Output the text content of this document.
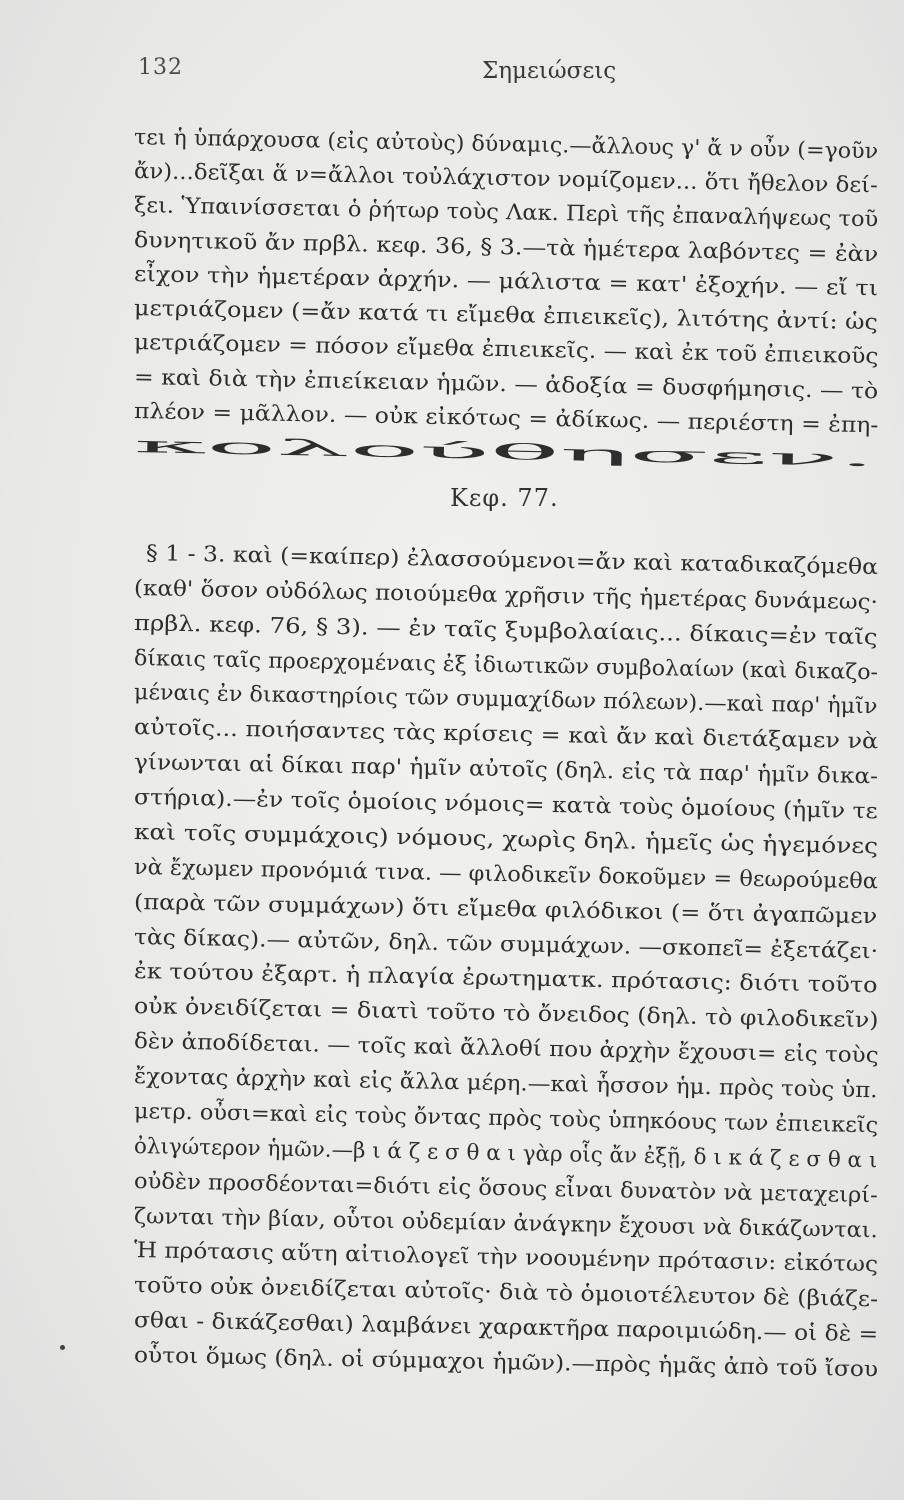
132	Σημειώσεις
τει ἡ ὑπάρχουσα (εἰς αὐτοὺς) δύναμις.—ἄλλους γ' ἄ ν οὖν (=γοῦν
ἄν)...δεῖξαι ἅ ν=ἄλλοι τοὐλάχιστον νομίζομεν... ὅτι ἤθελον δεί-
ξει. Ὑπαινίσσεται ὁ ῥήτωρ τοὺς Λακ. Περὶ τῆς ἐπαναλήψεως τοῦ
δυνητικοῦ ἄν πρβλ. κεφ. 36, § 3.—τὰ ἡμέτερα λαβόντες = ἐὰν
εἶχον τὴν ἡμετέραν ἀρχήν. — μάλιστα = κατ' ἐξοχήν. — εἴ τι
μετριάζομεν (=ἄν κατά τι εἴμεθα ἐπιεικεῖς), λιτότης ἀντί: ὡς
μετριάζομεν = πόσον εἴμεθα ἐπιεικεῖς. — καὶ ἐκ τοῦ ἐπιεικοῦς
= καὶ διὰ τὴν ἐπιείκειαν ἡμῶν. — ἀδοξία = δυσφήμησις. — τὸ
πλέον = μᾶλλον. — οὐκ εἰκότως = ἀδίκως. — περιέστη = ἐπη-
κολούθησεν.
Κεφ. 77.
§ 1 - 3. καὶ (=καίπερ) ἐλασσούμενοι=ἄν καὶ καταδικαζόμεθα
(καθ' ὅσον οὐδόλως ποιούμεθα χρῆσιν τῆς ἡμετέρας δυνάμεως·
πρβλ. κεφ. 76, § 3). — ἐν ταῖς ξυμβολαίαις... δίκαις=ἐν ταῖς
δίκαις ταῖς προερχομέναις ἐξ ἰδιωτικῶν συμβολαίων (καὶ δικαζο-
μέναις ἐν δικαστηρίοις τῶν συμμαχίδων πόλεων).—καὶ παρ' ἡμῖν
αὐτοῖς... ποιήσαντες τὰς κρίσεις = καὶ ἄν καὶ διετάξαμεν νὰ
γίνωνται αἱ δίκαι παρ' ἡμῖν αὐτοῖς (δηλ. εἰς τὰ παρ' ἡμῖν δικα-
στήρια).—ἐν τοῖς ὁμοίοις νόμοις= κατὰ τοὺς ὁμοίους (ἡμῖν τε
καὶ τοῖς συμμάχοις) νόμους, χωρὶς δηλ. ἡμεῖς ὡς ἡγεμόνες
νὰ ἔχωμεν προνόμιά τινα. — φιλοδικεῖν δοκοῦμεν = θεωρούμεθα
(παρὰ τῶν συμμάχων) ὅτι εἴμεθα φιλόδικοι (= ὅτι ἀγαπῶμεν
τὰς δίκας).— αὐτῶν, δηλ. τῶν συμμάχων. —σκοπεῖ= ἐξετάζει·
ἐκ τούτου ἐξαρτ. ἡ πλαγία ἐρωτηματκ. πρότασις: διότι τοῦτο
οὐκ ὀνειδίζεται = διατὶ τοῦτο τὸ ὄνειδος (δηλ. τὸ φιλοδικεῖν)
δὲν ἀποδίδεται. — τοῖς καὶ ἄλλοθί που ἀρχὴν ἔχουσι= εἰς τοὺς
ἔχοντας ἀρχὴν καὶ εἰς ἄλλα μέρη.—καὶ ἧσσον ἡμ. πρὸς τοὺς ὑπ.
μετρ. οὖσι=καὶ εἰς τοὺς ὄντας πρὸς τοὺς ὑπηκόους των ἐπιεικεῖς
ὀλιγώτερον ἡμῶν.—β ι ά ζ ε σ θ α ι γὰρ οἷς ἄν ἐξῇ, δ ι κ ά ζ ε σ θ α ι
οὐδὲν προσδέονται=διότι εἰς ὅσους εἶναι δυνατὸν νὰ μεταχειρί-
ζωνται τὴν βίαν, οὗτοι οὐδεμίαν ἀνάγκην ἔχουσι νὰ δικάζωνται.
Ἡ πρότασις αὕτη αἰτιολογεῖ τὴν νοουμένην πρότασιν: εἰκότως
τοῦτο οὐκ ὀνειδίζεται αὐτοῖς· διὰ τὸ ὁμοιοτέλευτον δὲ (βιάζε-
σθαι - δικάζεσθαι) λαμβάνει χαρακτῆρα παροιμιώδη.— οἱ δὲ =
οὗτοι ὅμως (δηλ. οἱ σύμμαχοι ἡμῶν).—πρὸς ἡμᾶς ἀπὸ τοῦ ἴσου
